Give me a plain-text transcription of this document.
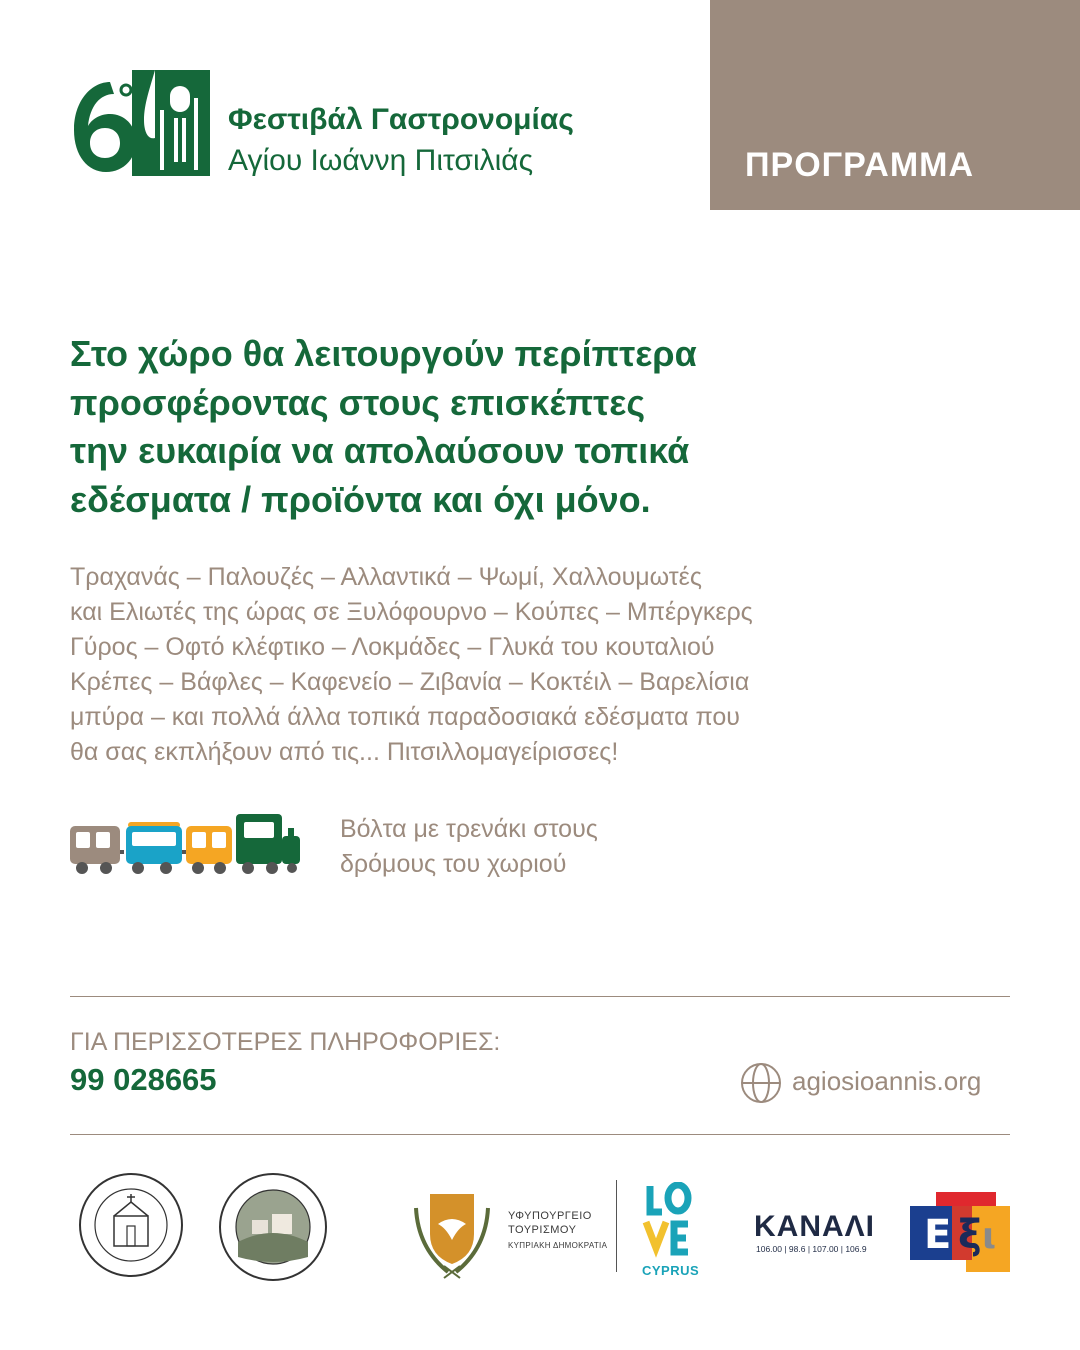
Φεστιβάλ Γαστρονομίας
Αγίου Ιωάννη Πιτσιλιάς	ΠΡΟΓΡΑΜΜΑ
Στο χώρο θα λειτουργούν περίπτερα
προσφέροντας στους επισκέπτες
την ευκαιρία να απολαύσουν τοπικά
εδέσματα / προϊόντα και όχι μόνο.
Τραχανάς – Παλουζές – Αλλαντικά – Ψωμί, Χαλλουμωτές
και Ελιωτές της ώρας σε Ξυλόφουρνο – Κούπες – Μπέργκερς
Γύρος – Οφτό κλέφτικο – Λοκμάδες – Γλυκά του κουταλιού
Κρέπες – Βάφλες – Καφενείο – Ζιβανία – Κοκτέιλ – Βαρελίσια
μπύρα – και πολλά άλλα τοπικά παραδοσιακά εδέσματα που
θα σας εκπλήξουν από τις... Πιτσιλλομαγείρισσες!
Βόλτα με τρενάκι στους
δρόμους του χωριού
ΓΙΑ ΠΕΡΙΣΣΟΤΕΡΕΣ ΠΛΗΡΟΦΟΡΙΕΣ:
99 028665	agiosioannis.org
ΥΦΥΠΟΥΡΓΕΙΟ
ΤΟΥΡΙΣΜΟΥ
ΚΥΠΡΙΑΚΗ ΔΗΜΟΚΡΑΤΙΑ
CYPRUS
ΚΑΝΑΛΙ
106.00 | 98.6 | 107.00 | 106.9 Ε ξ ι
